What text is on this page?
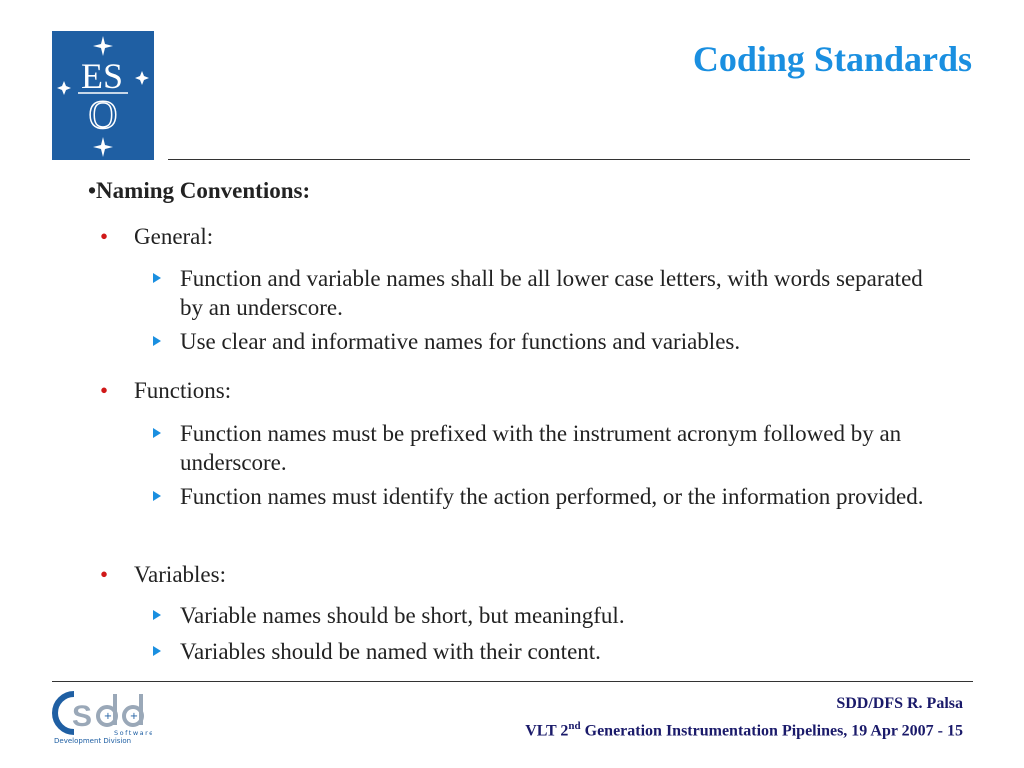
ES
O
Coding Standards
•Naming Conventions:
• General:
Function and variable names shall be all lower case letters, with words separated by an underscore.
Use clear and informative names for functions and variables.
• Functions:
Function names must be prefixed with the instrument acronym followed by an underscore.
Function names must identify the action performed, or the information provided.
• Variables:
Variable names should be short, but meaningful.
Variables should be named with their content.
S + +
Software
Development Division
SDD/DFS R. Palsa
VLT 2nd Generation Instrumentation Pipelines, 19 Apr 2007 - 15
